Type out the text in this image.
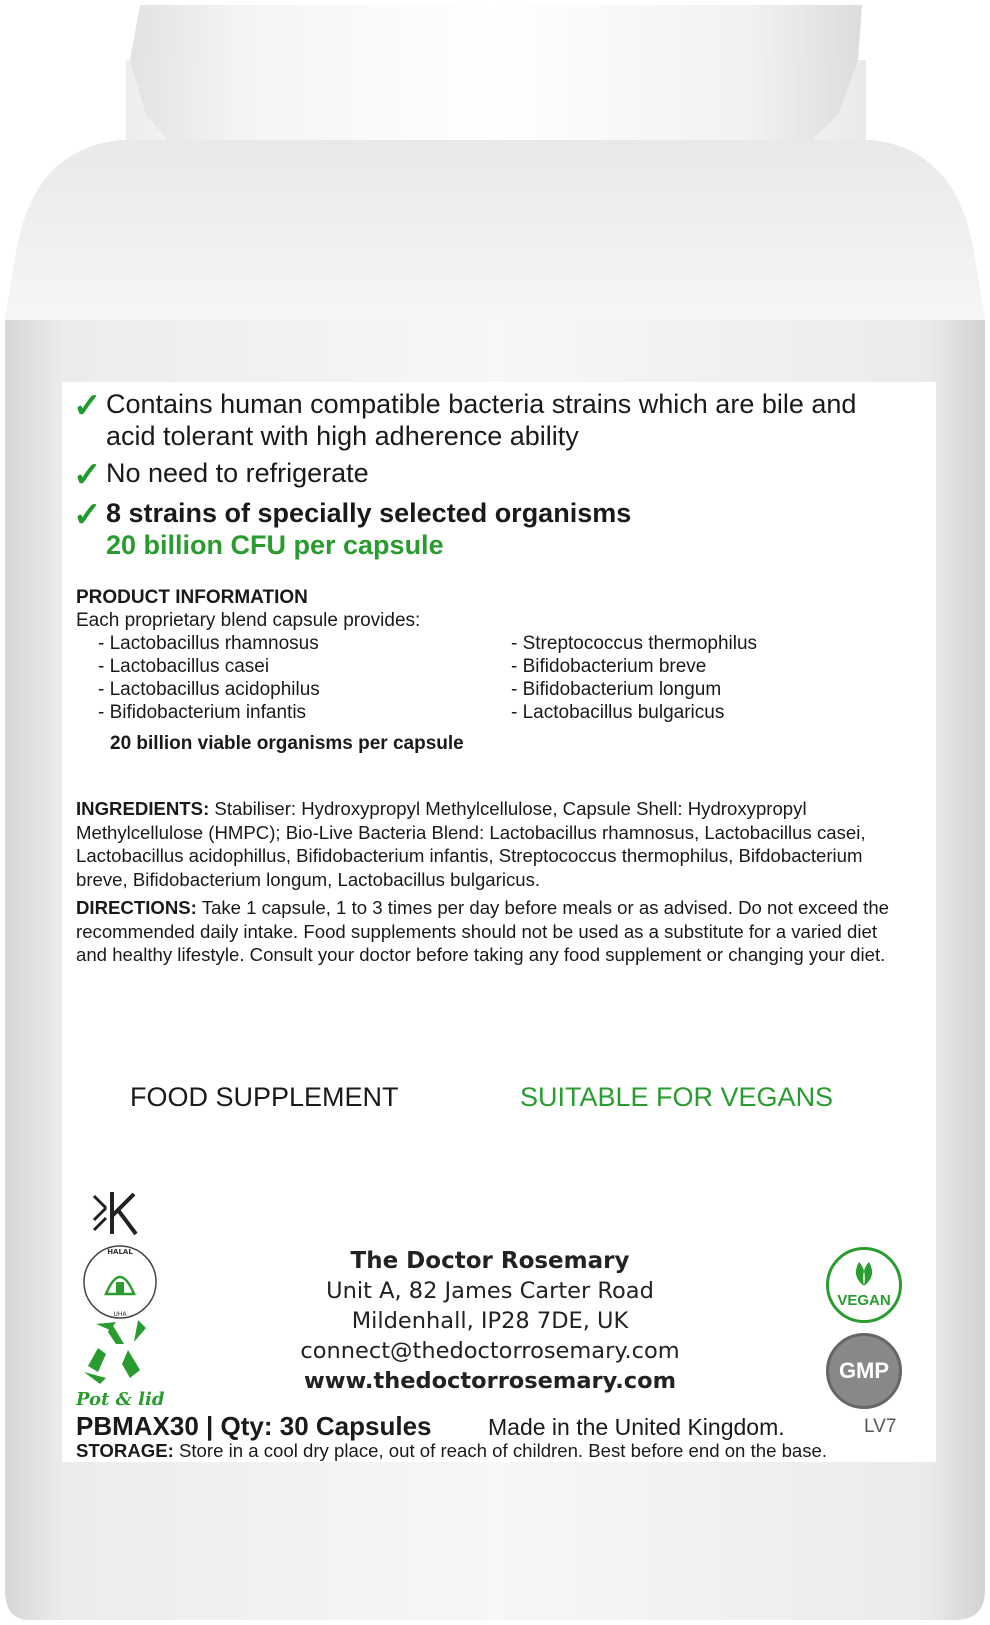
✓ Contains human compatible bacteria strains which are bile and
acid tolerant with high adherence ability
✓ No need to refrigerate
✓ 8 strains of specially selected organisms
20 billion CFU per capsule
PRODUCT INFORMATION
Each proprietary blend capsule provides:
- Lactobacillus rhamnosus
- Lactobacillus casei
- Lactobacillus acidophilus
- Bifidobacterium infantis
- Streptococcus thermophilus
- Bifidobacterium breve
- Bifidobacterium longum
- Lactobacillus bulgaricus
20 billion viable organisms per capsule
INGREDIENTS: Stabiliser: Hydroxypropyl Methylcellulose, Capsule Shell: Hydroxypropyl Methylcellulose (HMPC); Bio-Live Bacteria Blend: Lactobacillus rhamnosus, Lactobacillus casei, Lactobacillus acidophillus, Bifidobacterium infantis, Streptococcus thermophilus, Bifdobacterium breve, Bifidobacterium longum, Lactobacillus bulgaricus.
DIRECTIONS: Take 1 capsule, 1 to 3 times per day before meals or as advised. Do not exceed the recommended daily intake. Food supplements should not be used as a substitute for a varied diet and healthy lifestyle. Consult your doctor before taking any food supplement or changing your diet.
FOOD SUPPLEMENT	SUITABLE FOR VEGANS
HALAL
UHA
Pot & lid
The Doctor Rosemary
Unit A, 82 James Carter Road
Mildenhall, IP28 7DE, UK
connect@thedoctorrosemary.com
www.thedoctorrosemary.com
VEGAN
GMP
PBMAX30 | Qty: 30 Capsules Made in the United Kingdom.	LV7
STORAGE: Store in a cool dry place, out of reach of children. Best before end on the base.
